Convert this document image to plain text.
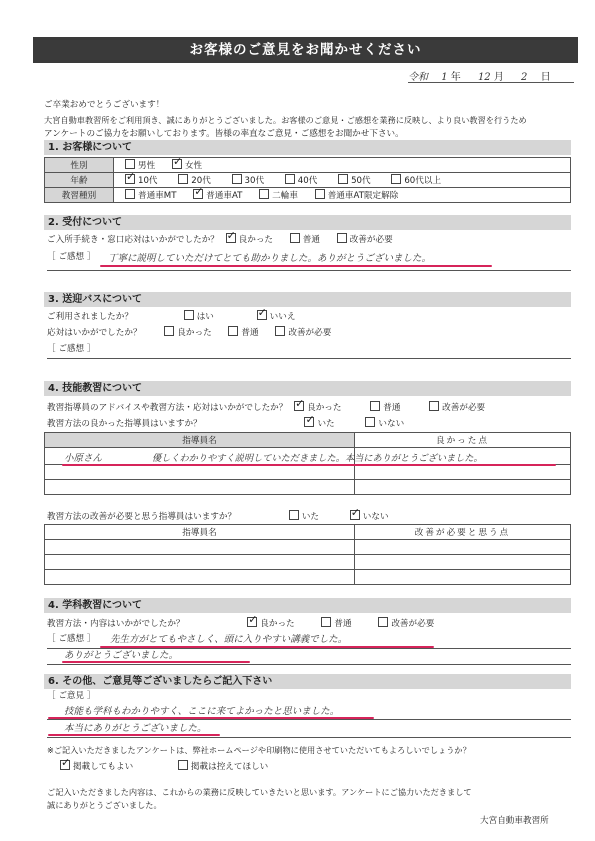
お客様のご意見をお聞かせください
令和 1 年 12 月 2 日
ご卒業おめでとうございます！
大宮自動車教習所をご利用頂き、誠にありがとうございました。お客様のご意見・ご感想を業務に反映し、より良い教習を行うため
アンケートのご協力をお願いしております。皆様の率直なご意見・ご感想をお聞かせ下さい。
1. お客様について
性別	男性 ✓ 女性
年齢	✓10代 20代 30代 40代 50代 60代以上
教習種別	普通車MT ✓ 普通車AT 二輪車 普通車AT限定解除
2. 受付について
ご入所手続き・窓口応対はいかがでしたか？ ✓ 良かった	普通	改善が必要
［ ご感想 ］ 丁寧に説明していただけてとても助かりました。ありがとうございました。
3. 送迎バスについて
ご利用されましたか？	はい ✓	いいえ
応対はいかがでしたか？	良かった	普通	改善が必要
［ ご感想 ］
4. 技能教習について
教習指導員のアドバイスや教習方法・応対はいかがでしたか？ ✓ 良かった	普通	改善が必要
教習方法の良かった指導員はいますか？ ✓	いた	いない
指導員名	良かった点

小原さん	優しくわかりやすく説明していただきました。本当にありがとうございました。
教習方法の改善が必要と思う指導員はいますか？	いた ✓	いない
指導員名	改善が必要と思う点

4. 学科教習について
教習方法・内容はいかがでしたか？ ✓	良かった	普通	改善が必要
［ ご感想 ］ 先生方がとてもやさしく、頭に入りやすい講義でした。
ありがとうございました。
6. その他、ご意見等ございましたらご記入下さい
［ ご意見 ］
技能も学科もわかりやすく、ここに来てよかったと思いました。
本当にありがとうございました。
※ご記入いただきましたアンケートは、弊社ホームページや印刷物に使用させていただいてもよろしいでしょうか？
✓掲載してもよい	掲載は控えてほしい
ご記入いただきました内容は、これからの業務に反映していきたいと思います。アンケートにご協力いただきまして
誠にありがとうございました。
大宮自動車教習所
